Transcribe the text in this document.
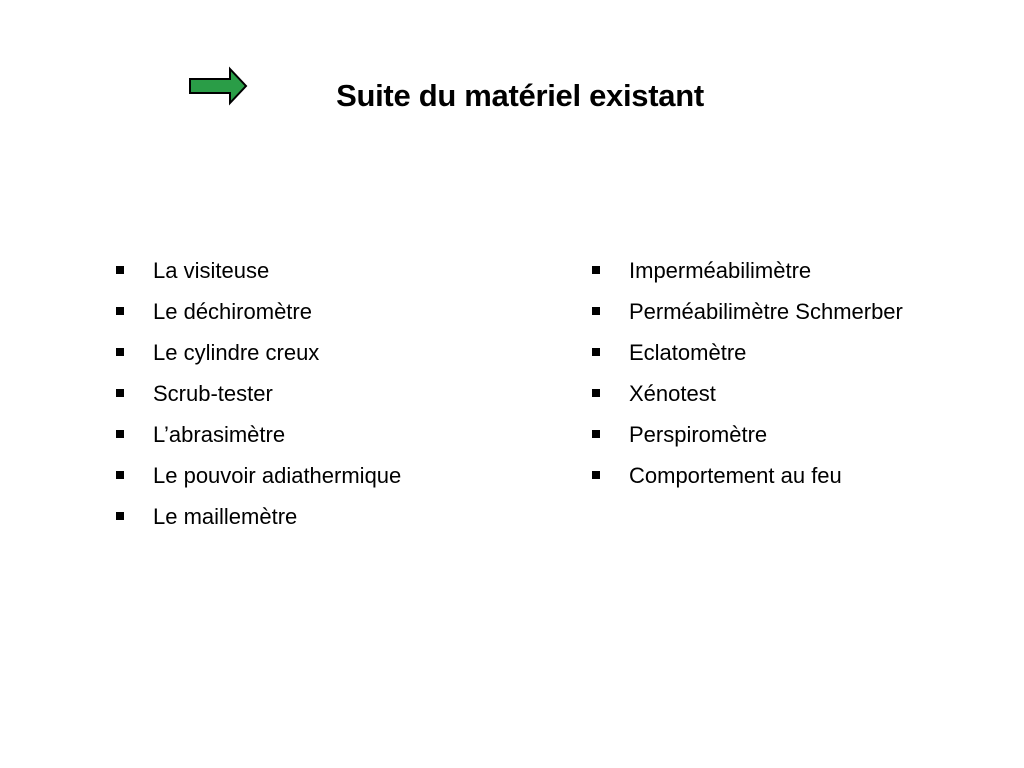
Suite du matériel existant
La visiteuse
Le déchiromètre
Le cylindre creux
Scrub-tester
L’abrasimètre
Le pouvoir adiathermique
Le maillemètre
Imperméabilimètre
Perméabilimètre Schmerber
Eclatomètre
Xénotest
Perspiromètre
Comportement au feu
